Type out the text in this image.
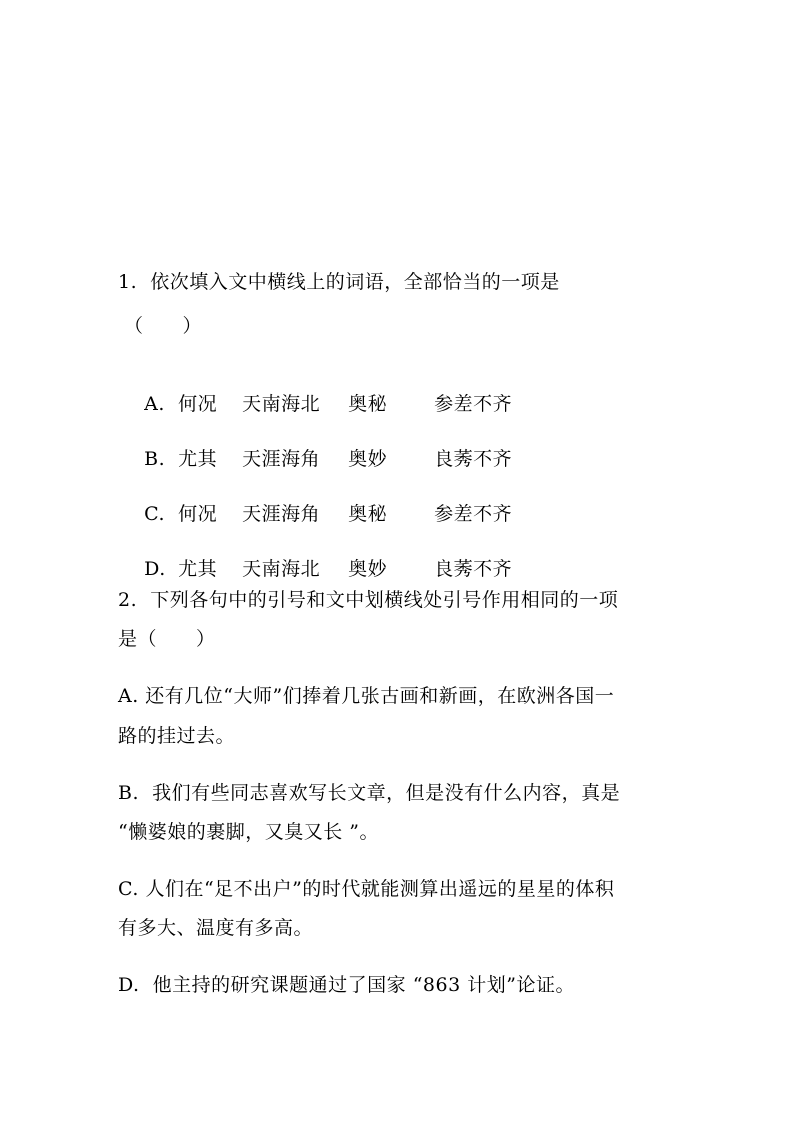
1.  依次填入文中横线上的词语，全部恰当的一项是
（　　）

A. 何况 天南海北 奥秘 参差不齐

B. 尤其 天涯海角 奥妙 良莠不齐

C. 何况 天涯海角 奥秘 参差不齐

D. 尤其 天南海北 奥妙 良莠不齐

2.  下列各句中的引号和文中划横线处引号作用相同的一项
是（　　）
A. 还有几位“大师”们捧着几张古画和新画，在欧洲各国一
路的挂过去。
B.  我们有些同志喜欢写长文章，但是没有什么内容，真是
“懒婆娘的裹脚，又臭又长 ”。
C. 人们在“足不出户”的时代就能测算出遥远的星星的体积
有多大、温度有多高。
D.  他主持的研究课题通过了国家 “863 计划”论证。
